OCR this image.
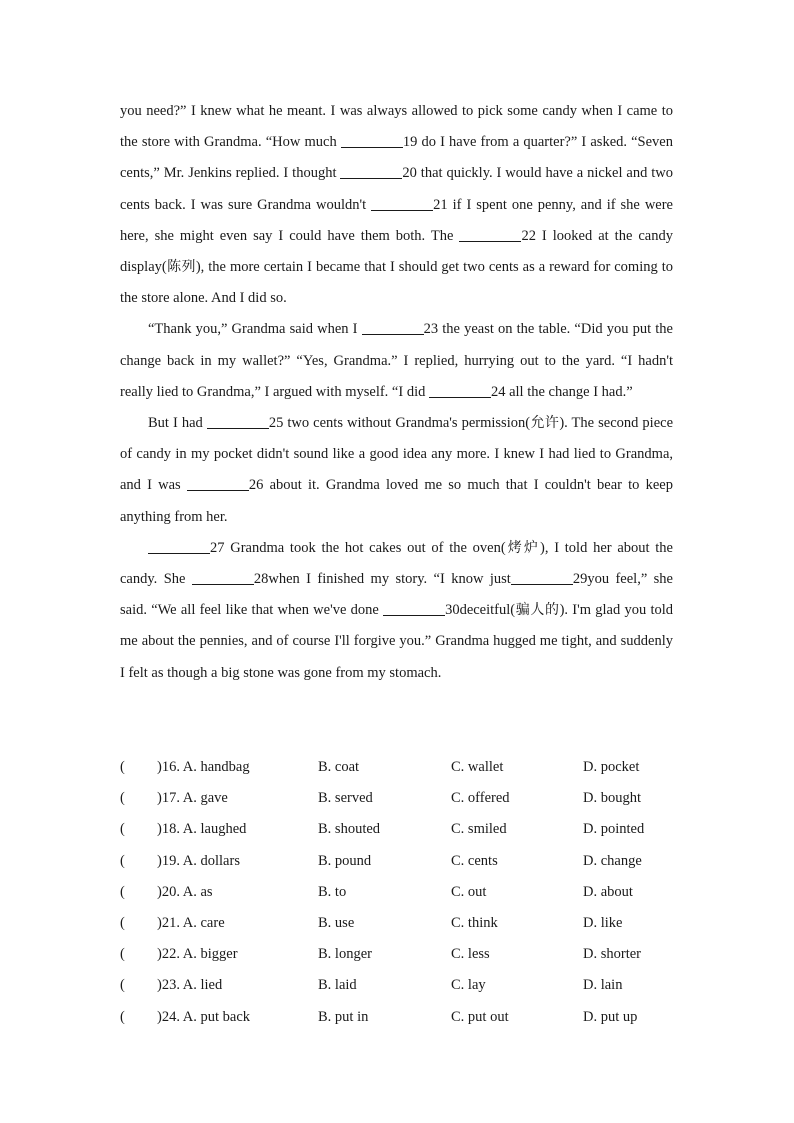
you need?” I knew what he meant. I was always allowed to pick some candy when I came to the store with Grandma. “How much	19 do I have from a quarter?” I asked. “Seven cents,” Mr. Jenkins replied. I thought	20 that quickly. I would have a nickel and two cents back. I was sure Grandma wouldn't	21 if I spent one penny, and if she were here, she might even say I could have them both. The	22 I looked at the candy display(陈列), the more certain I became that I should get two cents as a reward for coming to the store alone. And I did so.

“Thank you,” Grandma said when I	23 the yeast on the table. “Did you put the change back in my wallet?” “Yes, Grandma.” I replied, hurrying out to the yard. “I hadn't really lied to Grandma,” I argued with myself. “I did	24 all the change I had.”

But I had	25 two cents without Grandma's permission(允许). The second piece of candy in my pocket didn't sound like a good idea any more. I knew I had lied to Grandma, and I was	26 about it. Grandma loved me so much that I couldn't bear to keep anything from her.

27 Grandma took the hot cakes out of the oven(烤炉), I told her about the candy. She	28when I finished my story. “I know just	29you feel,” she said. “We all feel like that when we've done	30deceitful(骗人的). I'm glad you told me about the pennies, and of course I'll forgive you.” Grandma hugged me tight, and suddenly I felt as though a big stone was gone from my stomach.

( )16. A. handbag	B. coat	C. wallet	D. pocket
( )17. A. gave	B. served	C. offered	D. bought
( )18. A. laughed	B. shouted	C. smiled	D. pointed
( )19. A. dollars	B. pound	C. cents	D. change
( )20. A. as	B. to	C. out	D. about
( )21. A. care	B. use	C. think	D. like
( )22. A. bigger	B. longer	C. less	D. shorter
( )23. A. lied	B. laid	C. lay	D. lain
( )24. A. put back	B. put in	C. put out	D. put up
